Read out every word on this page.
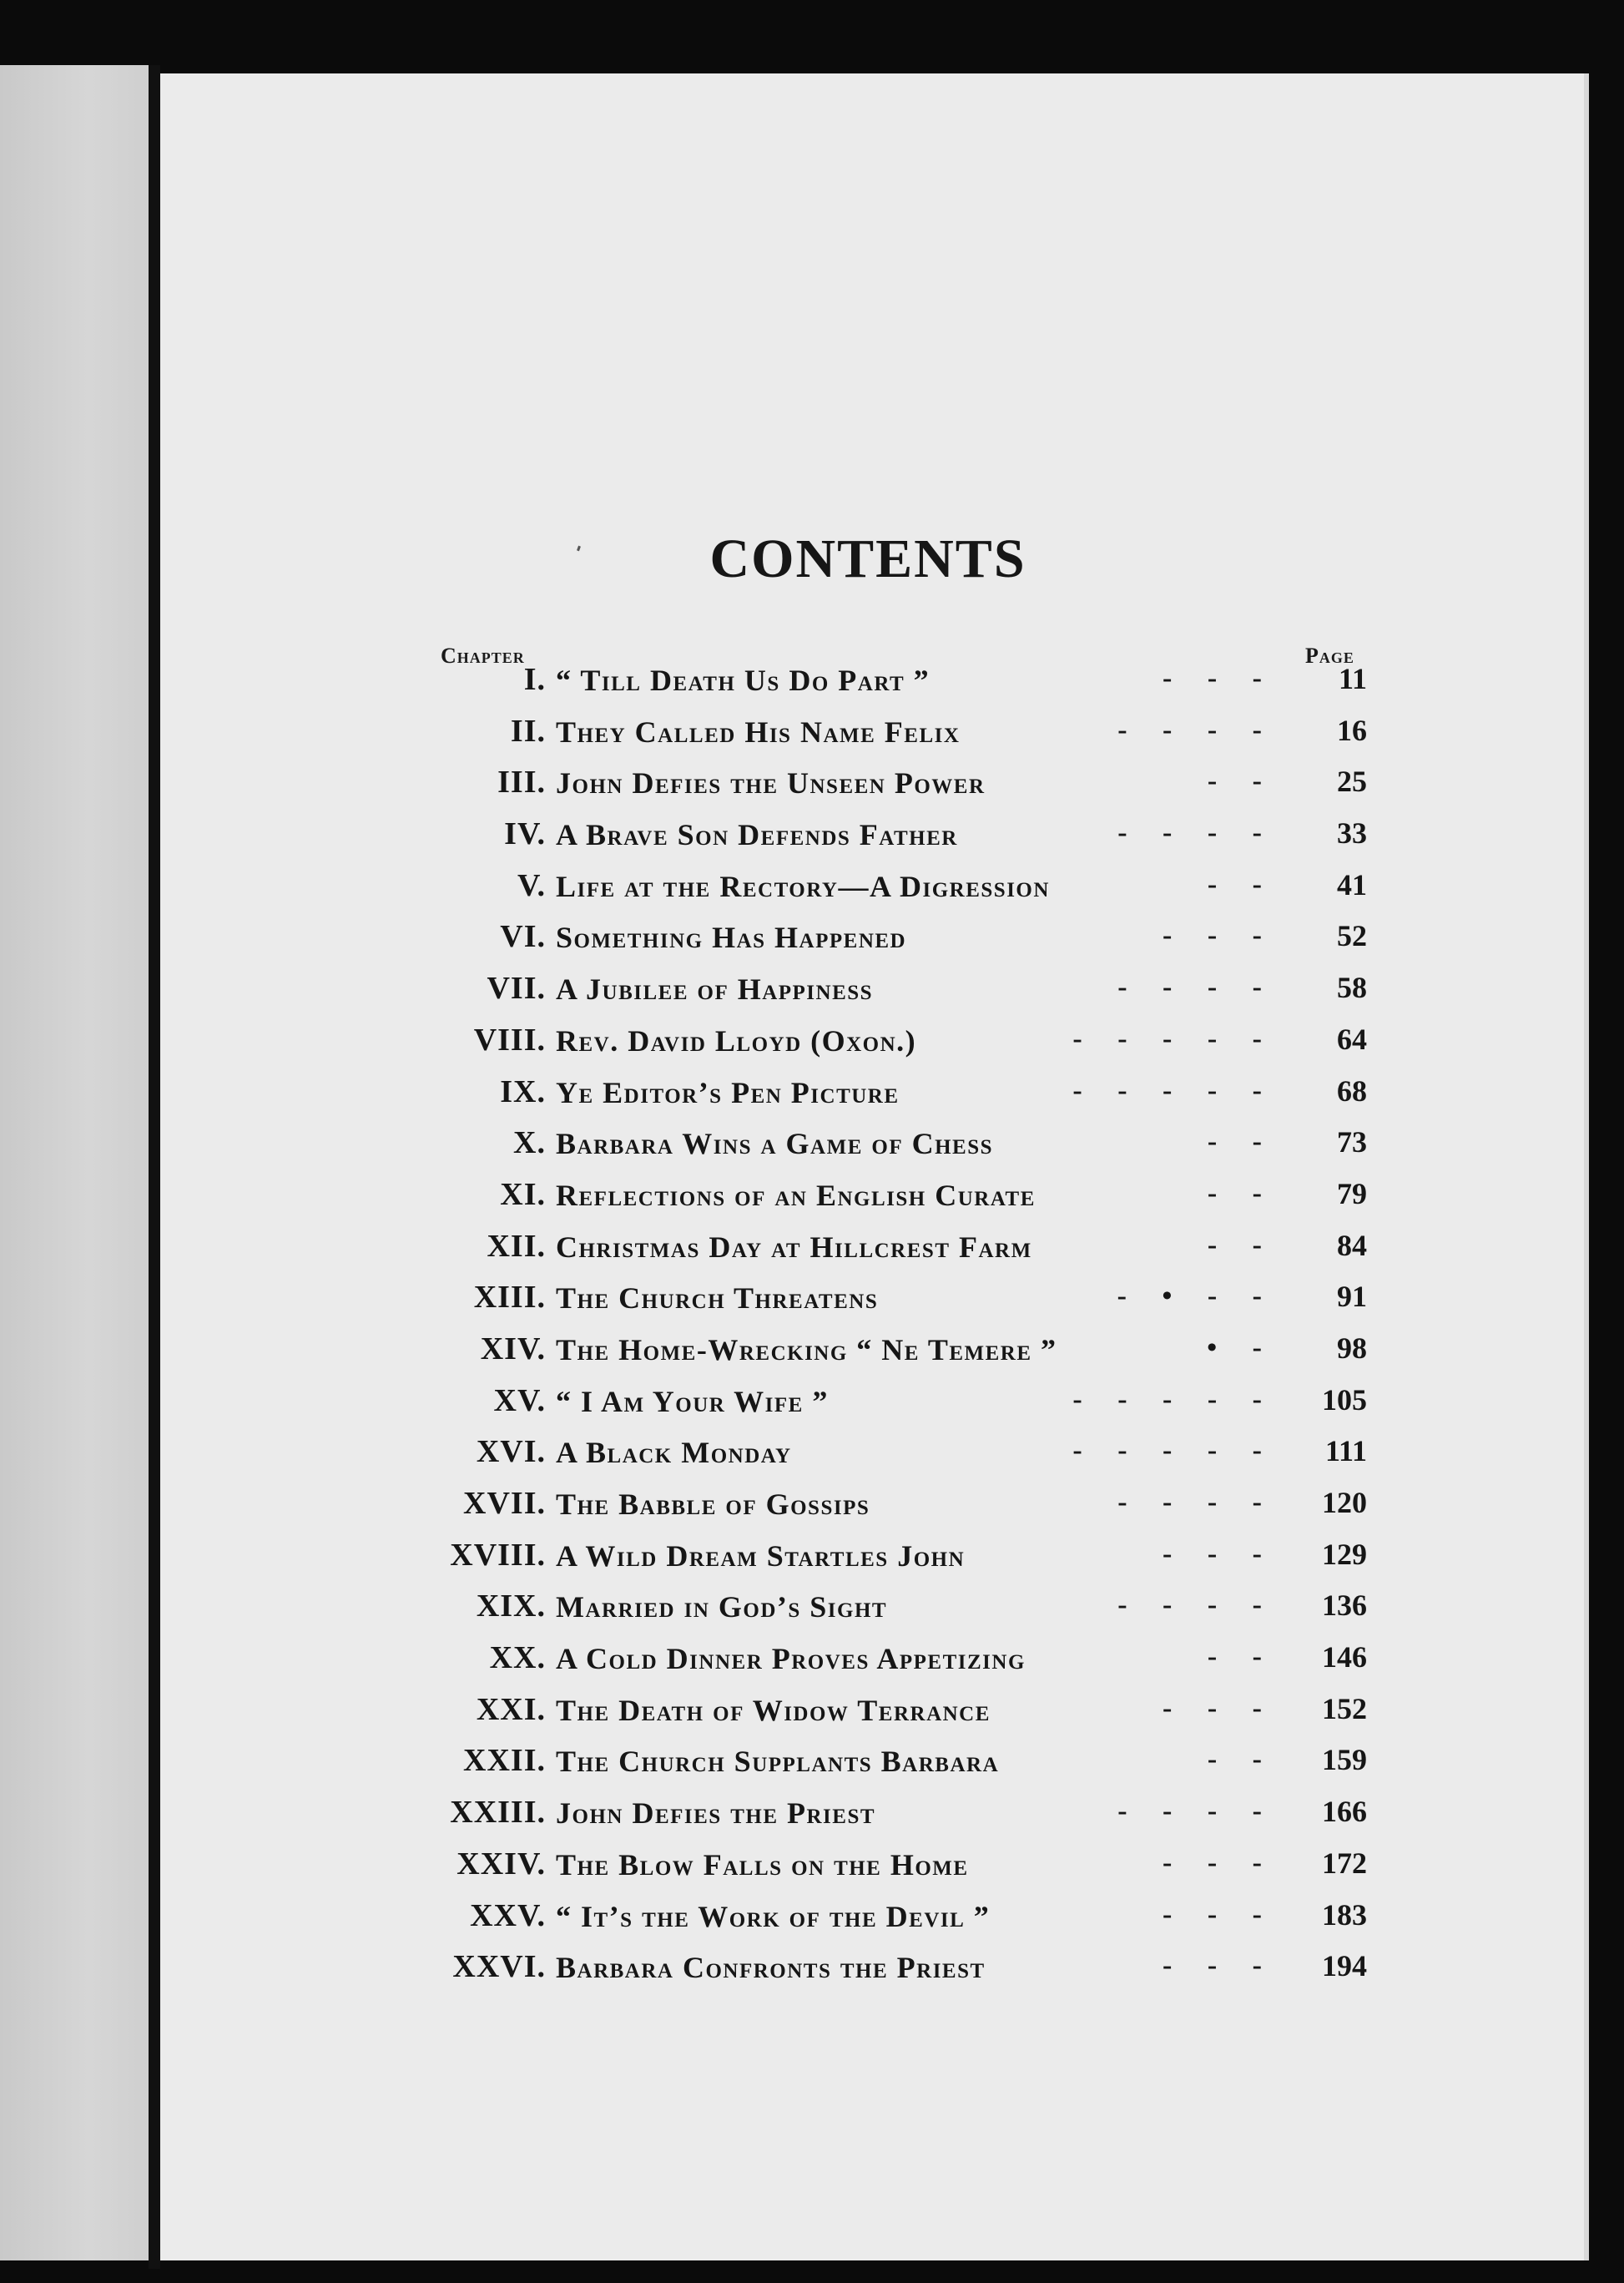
CONTENTS
Chapter	Page
I. “ Till Death Us Do Part ”	-     -     -	11
II. They Called His Name Felix	-     -     -     -	16
III. John Defies the Unseen Power	-     -	25
IV. A Brave Son Defends Father	-     -     -     -	33
V. Life at the Rectory—A Digression	-     -	41
VI. Something Has Happened	-     -     -	52
VII. A Jubilee of Happiness	-     -     -     -	58
VIII. Rev. David Lloyd (Oxon.)	-     -     -     -     -	64
IX. Ye Editor’s Pen Picture	-     -     -     -     -	68
X. Barbara Wins a Game of Chess	-     -	73
XI. Reflections of an English Curate	-     -	79
XII. Christmas Day at Hillcrest Farm	-     -	84
XIII. The Church Threatens	-     •     -     -	91
XIV. The Home-Wrecking “ Ne Temere ”	•     -	98
XV. “ I Am Your Wife ”	-     -     -     -     - 105
XVI. A Black Monday	-     -     -     -     - 111
XVII. The Babble of Gossips	-     -     -     - 120
XVIII. A Wild Dream Startles John	-     -     - 129
XIX. Married in God’s Sight	-     -     -     - 136
XX. A Cold Dinner Proves Appetizing	-     - 146
XXI. The Death of Widow Terrance	-     -     - 152
XXII. The Church Supplants Barbara	-     - 159
XXIII. John Defies the Priest	-     -     -     - 166
XXIV. The Blow Falls on the Home	-     -     - 172
XXV. “ It’s the Work of the Devil ”	-     -     - 183
XXVI. Barbara Confronts the Priest	-     -     - 194
